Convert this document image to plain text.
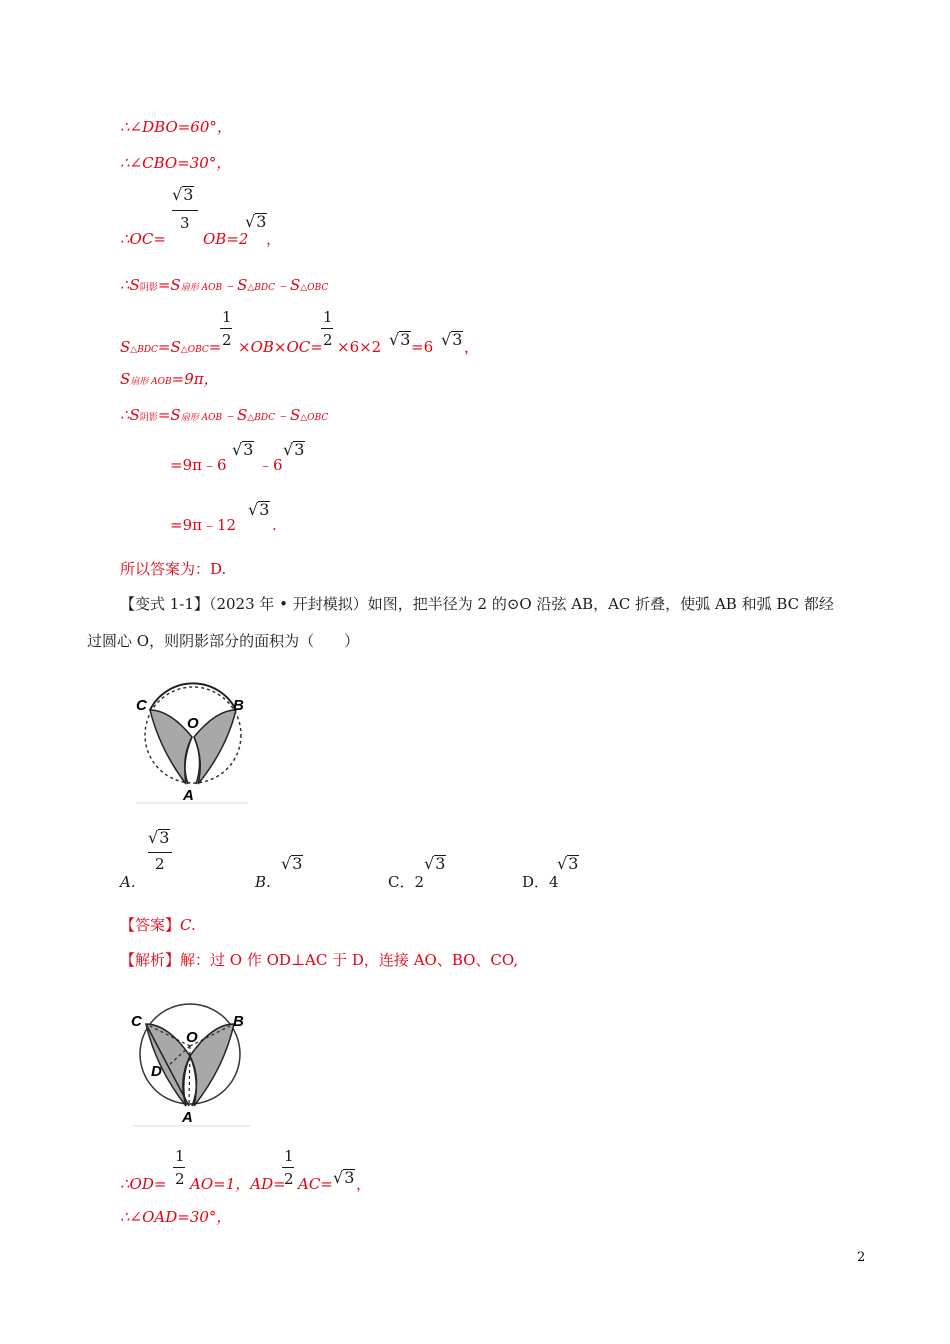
∴∠DBO=60°，
∴∠CBO=30°，
∴OC=
√3
3
OB=2
√3
，
∴S阴影=S扇形 AOB﹣S△BDC﹣S△OBC
S△BDC=S△OBC=
1
2 ×OB×OC=
1
2 ×6×2 √3 =6 √3 ，
S扇形 AOB=9π，
∴S阴影=S扇形 AOB﹣S△BDC﹣S△OBC
=9π﹣6
√3
﹣6
√3
=9π﹣12
√3
.
所以答案为：D.
【变式 1-1】（2023 年 • 开封模拟）如图，把半径为 2 的⊙O 沿弦 AB，AC 折叠，使弧 AB 和弧 BC 都经
过圆心 O，则阴影部分的面积为（　　）
C	B
O
A
√3
2
A.	B.
√3
C．2
√3
D．4
√3
【答案】C.
【解析】解：过 O 作 OD⊥AC 于 D，连接 AO、BO、CO,
C	B
O
D
A
∴OD=
1
2 AO=1，AD=
1
2 AC= √3 ，
∴∠OAD=30°，
2
